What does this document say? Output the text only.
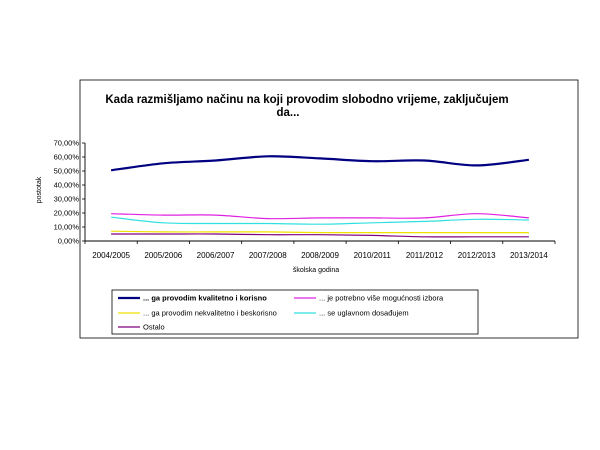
Kada razmišljamo načinu na koji provodim slobodno vrijeme, zaključujem
da...
0,00%
10,00%
20,00%
30,00%
40,00%
50,00%
60,00%
70,00%
2004/2005 2005/2006 2006/2007 2007/2008 2008/2009 2010/2011 2011/2012 2012/2013 2013/2014
postotak
školska godina
... ga provodim kvalitetno i korisno	... je potrebno više mogućnosti izbora
... ga provodim nekvalitetno i beskorisno	... se uglavnom dosađujem
Ostalo
